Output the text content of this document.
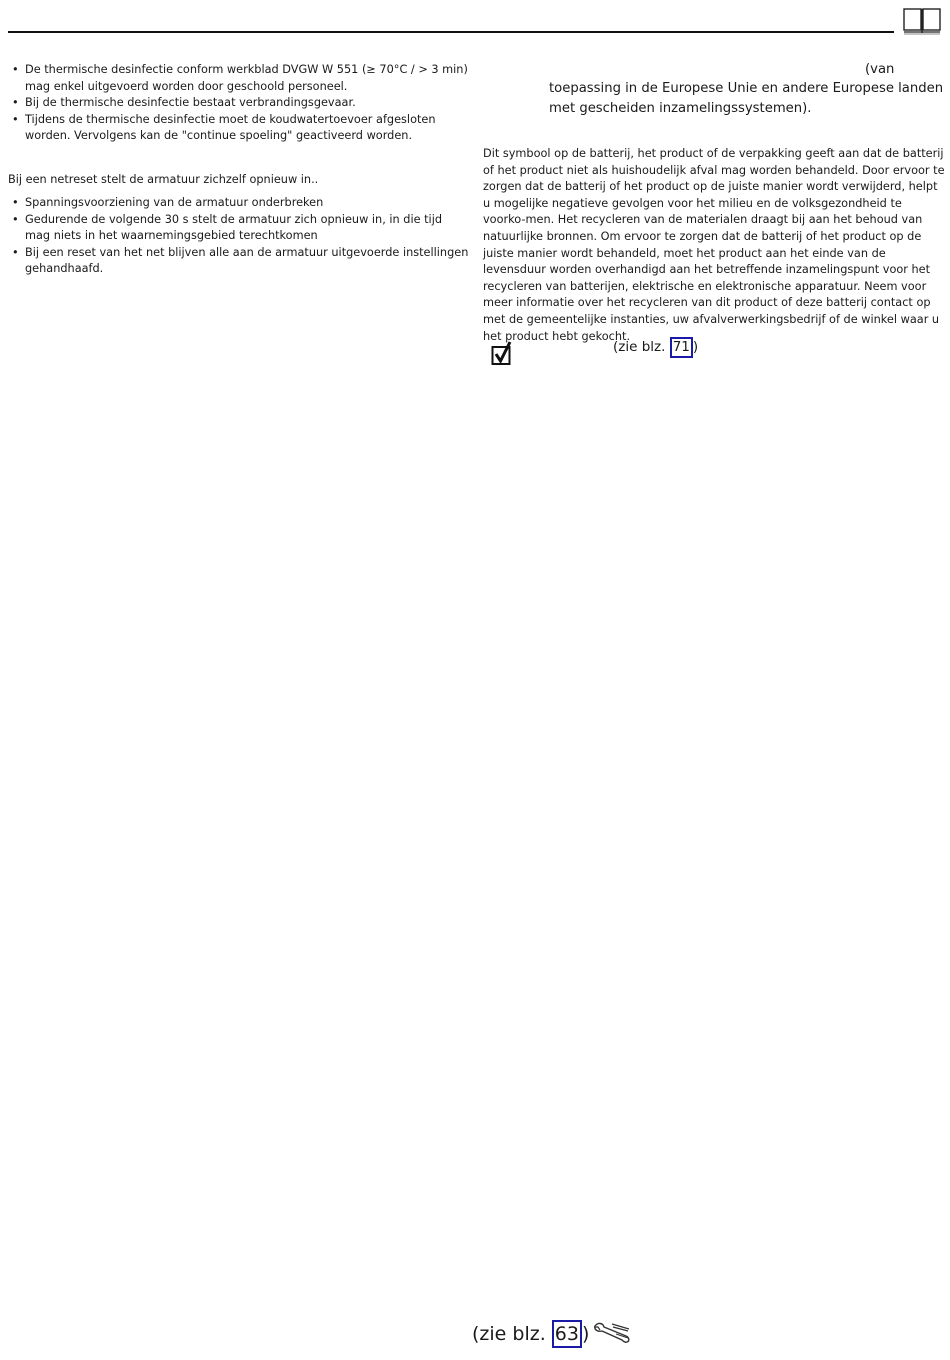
• De thermische desinfectie conform werkblad DVGW W 551 (≥ 70°C / > 3 min) mag enkel uitgevoerd worden door geschoold personeel.
• Bij de thermische desinfectie bestaat verbrandingsgevaar.
• Tijdens de thermische desinfectie moet de koudwatertoevoer afgesloten worden. Vervolgens kan de "continue spoeling" geactiveerd worden.

Bij een netreset stelt de armatuur zichzelf opnieuw in..

• Spanningsvoorziening van de armatuur onderbreken
• Gedurende de volgende 30 s stelt de armatuur zich opnieuw in, in die tijd mag niets in het waarnemingsgebied terechtkomen
• Bij een reset van het net blijven alle aan de armatuur uitgevoerde instellingen gehandhaafd.
(van

toepassing in de Europese Unie en andere Europese landen met gescheiden inzamelingssystemen).

Dit symbool op de batterij, het product of de verpakking geeft aan dat de batterij of het product niet als huishoudelijk afval mag worden behandeld. Door ervoor te zorgen dat de batterij of het product op de juiste manier wordt verwijderd, helpt u mogelijke negatieve gevolgen voor het milieu en de volksgezondheid te voorko-men. Het recyclеren van de materialen draagt bij aan het behoud van natuurlijke bronnen. Om ervoor te zorgen dat de batterij of het product op de juiste manier wordt behandeld, moet het product aan het einde van de levensduur worden overhandigd aan het betreffende inzamelingspunt voor het recycleren van batterijen, elektrische en elektronische apparatuur. Neem voor meer informatie over het recycleren van dit product of deze batterij contact op met de gemeentelijke instanties, uw afvalverwerkingsbedrijf of de winkel waar u het product hebt gekocht.

(zie blz. 71 )
(zie blz. 63 )
